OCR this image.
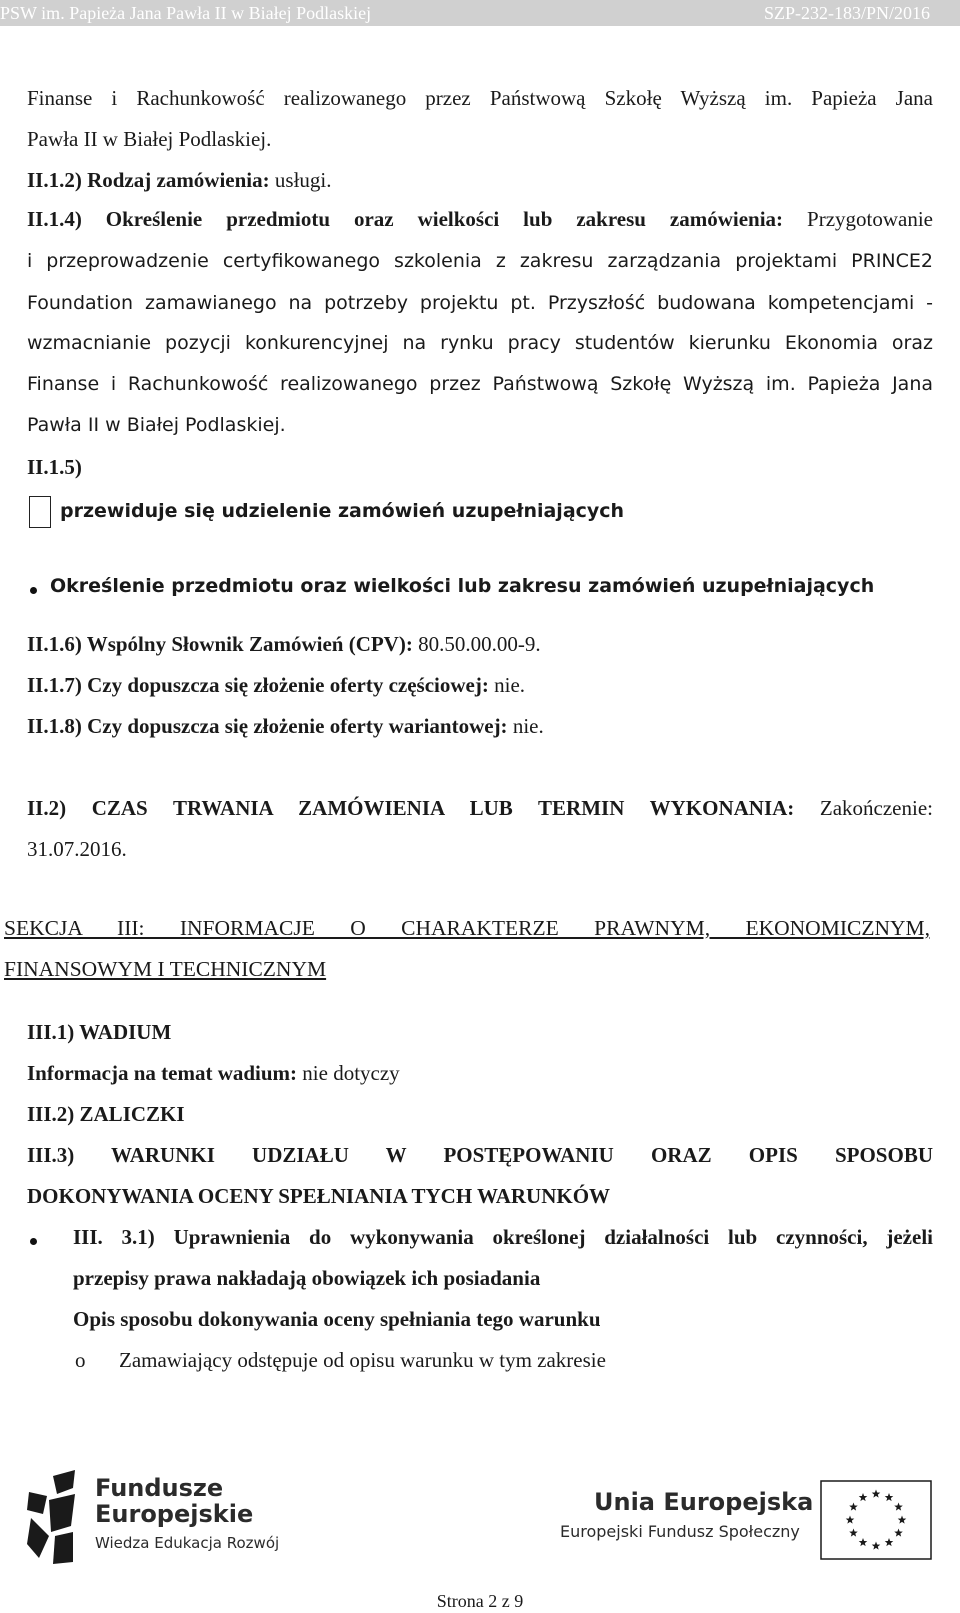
PSW im. Papieża Jana Pawła II w Białej Podlaskiej	SZP-232-183/PN/2016
Finanse i Rachunkowość realizowanego przez Państwową Szkołę Wyższą im. Papieża Jana
Pawła II w Białej Podlaskiej.
II.1.2) Rodzaj zamówienia: usługi.
II.1.4) Określenie przedmiotu oraz wielkości lub zakresu zamówienia: Przygotowanie
i przeprowadzenie certyfikowanego szkolenia z zakresu zarządzania projektami PRINCE2
Foundation zamawianego na potrzeby projektu pt. Przyszłość budowana kompetencjami -
wzmacnianie pozycji konkurencyjnej na rynku pracy studentów kierunku Ekonomia oraz
Finanse i Rachunkowość realizowanego przez Państwową Szkołę Wyższą im. Papieża Jana
Pawła II w Białej Podlaskiej.
II.1.5)
przewiduje się udzielenie zamówień uzupełniających
Określenie przedmiotu oraz wielkości lub zakresu zamówień uzupełniających
II.1.6) Wspólny Słownik Zamówień (CPV): 80.50.00.00-9.
II.1.7) Czy dopuszcza się złożenie oferty częściowej: nie.
II.1.8) Czy dopuszcza się złożenie oferty wariantowej: nie.
II.2) CZAS TRWANIA ZAMÓWIENIA LUB TERMIN WYKONANIA: Zakończenie:
31.07.2016.
SEKCJA III: INFORMACJE O CHARAKTERZE PRAWNYM, EKONOMICZNYM,
FINANSOWYM I TECHNICZNYM
III.1) WADIUM
Informacja na temat wadium: nie dotyczy
III.2) ZALICZKI
III.3) WARUNKI UDZIAŁU W POSTĘPOWANIU ORAZ OPIS SPOSOBU
DOKONYWANIA OCENY SPEŁNIANIA TYCH WARUNKÓW
III. 3.1) Uprawnienia do wykonywania określonej działalności lub czynności, jeżeli
przepisy prawa nakładają obowiązek ich posiadania
Opis sposobu dokonywania oceny spełniania tego warunku
o Zamawiający odstępuje od opisu warunku w tym zakresie
Fundusze
Europejskie
Wiedza Edukacja Rozwój
Unia Europejska
Europejski Fundusz Społeczny
Strona 2 z 9
